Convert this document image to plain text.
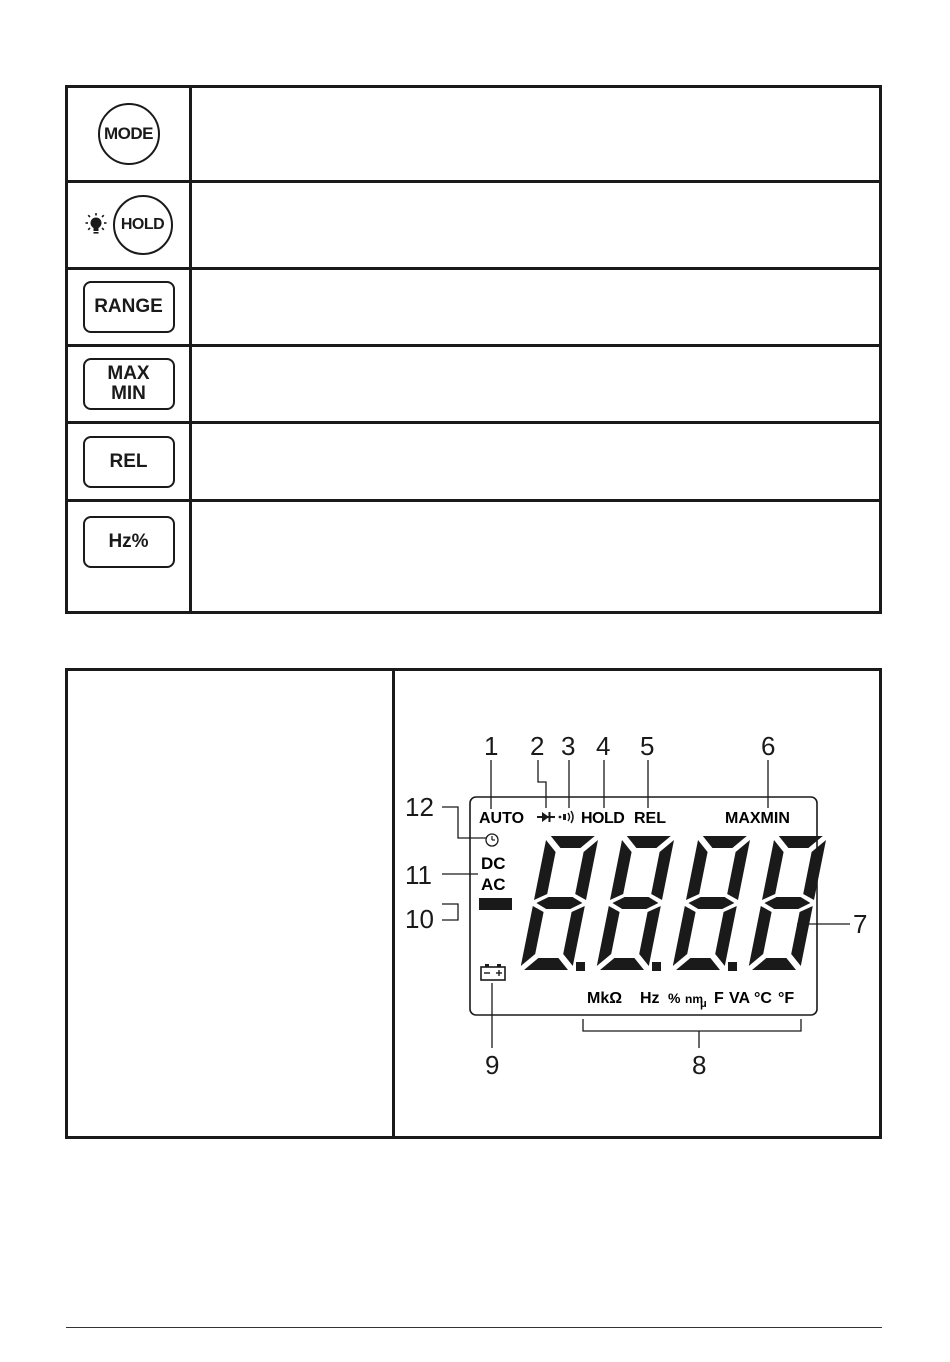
MODE
HOLD
RANGE
MAX
MIN
REL
Hz%
AUTO	HOLD REL	MAXMIN
DC
AC
MkΩ Hz % nm
μ F VA °C °F
1 2 3 4 5	6
7
8
9
10
11
12
